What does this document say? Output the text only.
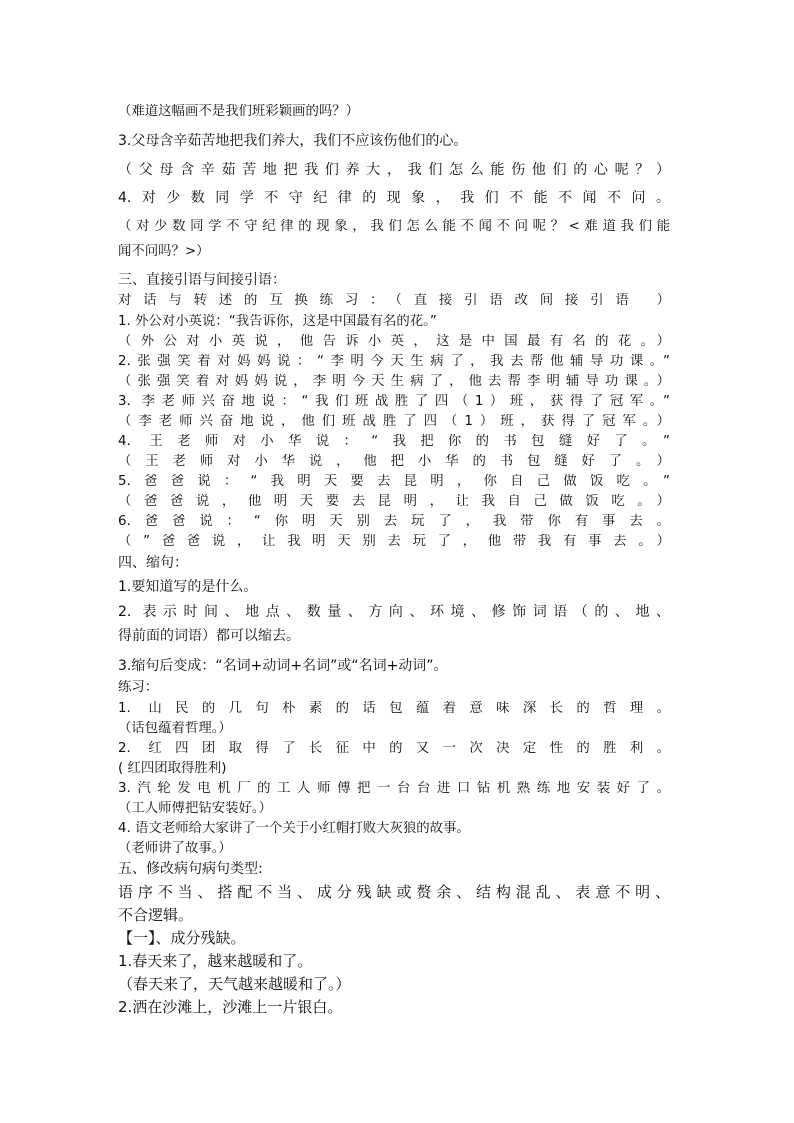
（难道这幅画不是我们班彩颖画的吗？）
3.父母含辛茹苦地把我们养大，我们不应该伤他们的心。
（父母含辛茹苦地把我们养大，我们怎么能伤他们的心呢？）
4.对少数同学不守纪律的现象，我们不能不闻不问。
（对少数同学不守纪律的现象，我们怎么能不闻不问呢？<难道我们能
闻不问吗？>）
三、直接引语与间接引语：
对话与转述的互换练习：（直接引语改间接引语 ）
1. 外公对小英说：“我告诉你，这是中国最有名的花。”
（外公对小英说，他告诉小英，这是中国最有名的花。）
2.张强笑着对妈妈说：“李明今天生病了，我去帮他辅导功课。”
（张强笑着对妈妈说，李明今天生病了，他去帮李明辅导功课。）
3. 李老师兴奋地说：“我们班战胜了四（1）班，获得了冠军。”
（李老师兴奋地说，他们班战胜了四（1）班，获得了冠军。）
4. 王老师对小华说：“我把你的书包缝好了。”
（王老师对小华说，他把小华的书包缝好了。）
5.爸爸说：“我明天要去昆明，你自己做饭吃。”
（爸爸说，他明天要去昆明，让我自己做饭吃。）
6.爸爸说：“你明天别去玩了，我带你有事去。
（”爸爸说，让我明天别去玩了，他带我有事去。）
四、缩句：
1.要知道写的是什么。
2. 表示时间、地点、数量、方向、环境、修饰词语（的、地、
得前面的词语）都可以缩去。
3.缩句后变成：“名词+动词+名词”或“名词+动词”。
练习：
1. 山民的几句朴素的话包蕴着意味深长的哲理。
（话包蕴着哲理。）
2. 红四团取得了长征中的又一次决定性的胜利。
( 红四团取得胜利)
3.汽轮发电机厂的工人师傅把一台台进口钻机熟练地安装好了。
（工人师傅把钻安装好。）
4. 语文老师给大家讲了一个关于小红帽打败大灰狼的故事。
（老师讲了故事。）
五、修改病句病句类型:
语序不当、搭配不当、成分残缺或赘余、结构混乱、表意不明、
不合逻辑。
【一】、成分残缺。
1.春天来了，越来越暖和了。
（春天来了，天气越来越暖和了。）
2.洒在沙滩上，沙滩上一片银白。
